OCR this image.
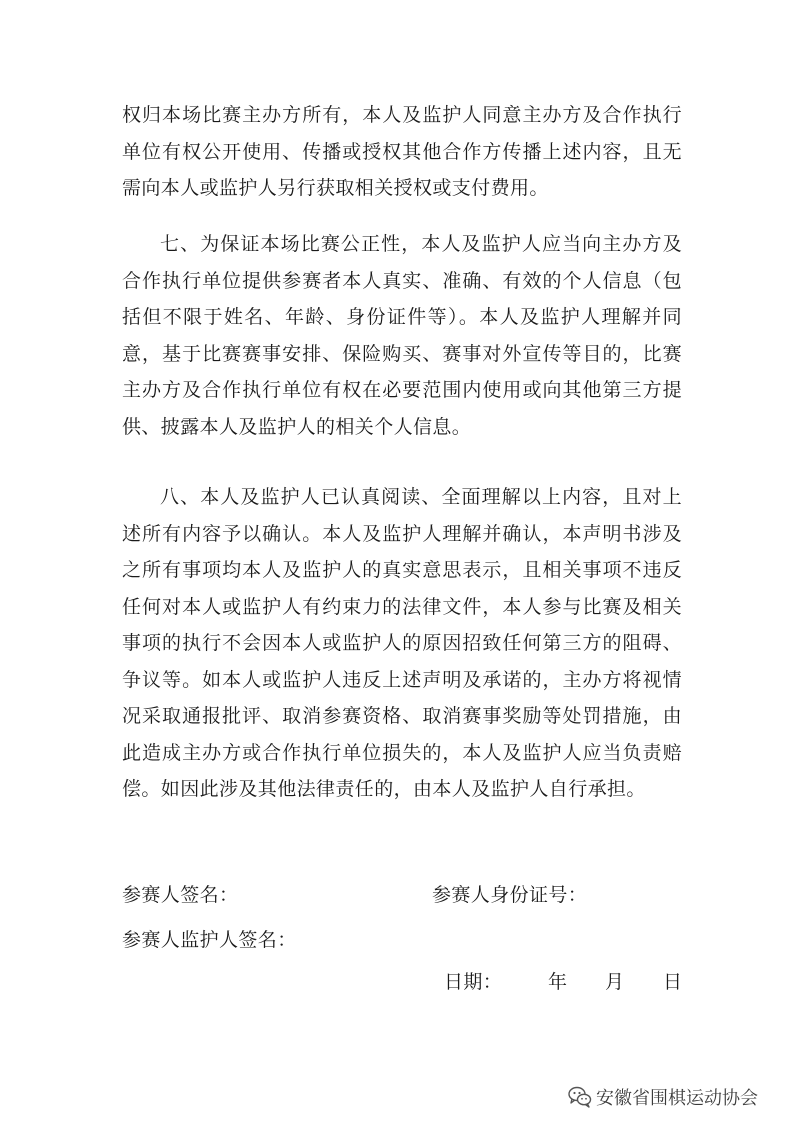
权归本场比赛主办方所有，本人及监护人同意主办方及合作执行单位有权公开使用、传播或授权其他合作方传播上述内容，且无需向本人或监护人另行获取相关授权或支付费用。

七、为保证本场比赛公正性，本人及监护人应当向主办方及合作执行单位提供参赛者本人真实、准确、有效的个人信息（包括但不限于姓名、年龄、身份证件等）。本人及监护人理解并同意，基于比赛赛事安排、保险购买、赛事对外宣传等目的，比赛主办方及合作执行单位有权在必要范围内使用或向其他第三方提供、披露本人及监护人的相关个人信息。

八、本人及监护人已认真阅读、全面理解以上内容，且对上述所有内容予以确认。本人及监护人理解并确认，本声明书涉及之所有事项均本人及监护人的真实意思表示，且相关事项不违反任何对本人或监护人有约束力的法律文件，本人参与比赛及相关事项的执行不会因本人或监护人的原因招致任何第三方的阻碍、争议等。如本人或监护人违反上述声明及承诺的，主办方将视情况采取通报批评、取消参赛资格、取消赛事奖励等处罚措施，由此造成主办方或合作执行单位损失的，本人及监护人应当负责赔偿。如因此涉及其他法律责任的，由本人及监护人自行承担。

参赛人签名：	参赛人身份证号：
参赛人监护人签名：
日期： 年 月 日
安徽省围棋运动协会
